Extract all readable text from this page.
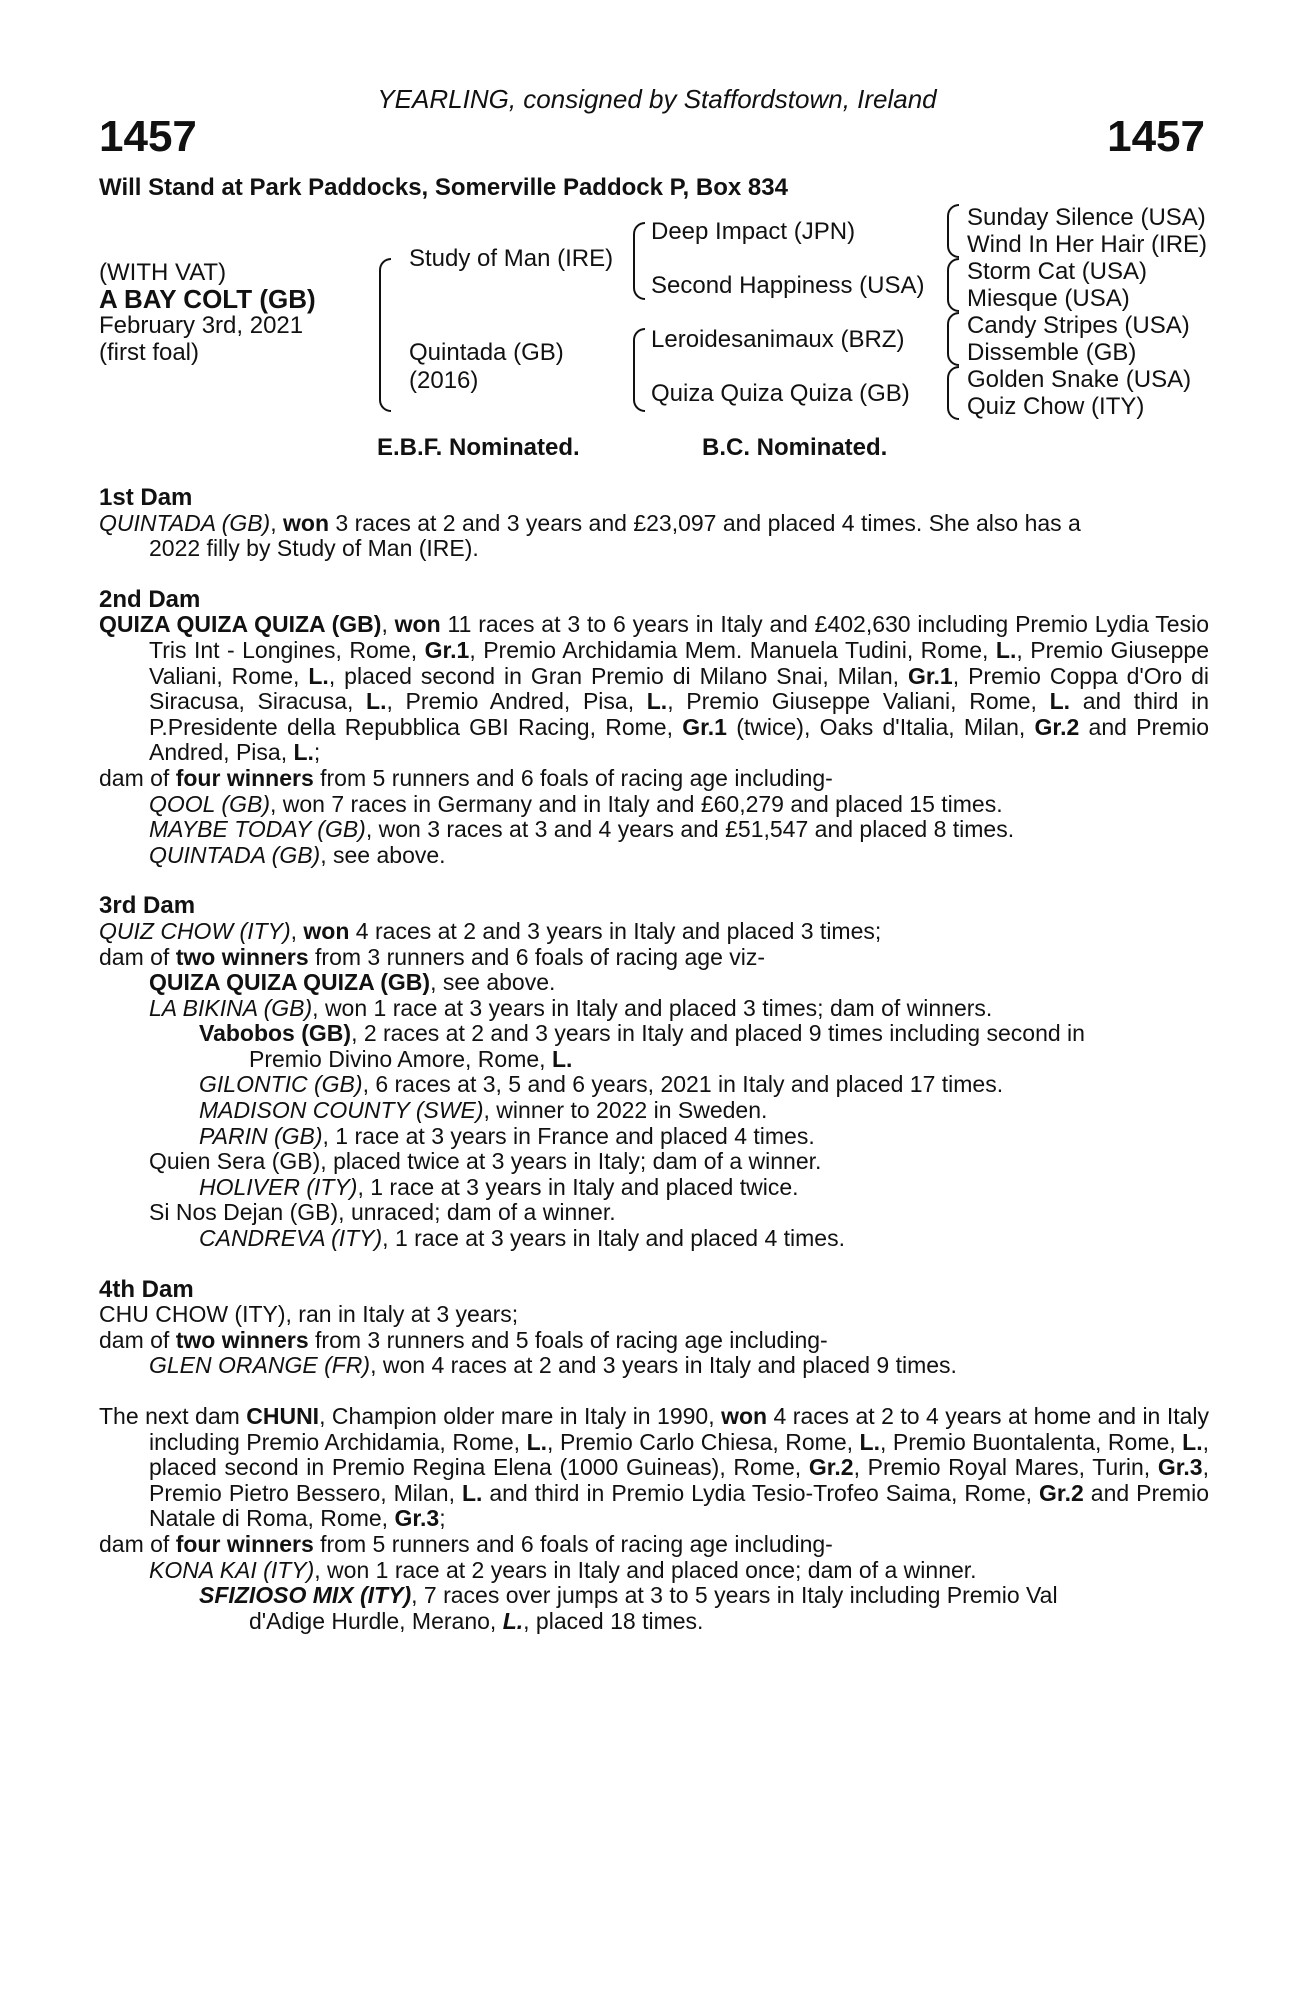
YEARLING, consigned by Staffordstown, Ireland
1457	1457
Will Stand at Park Paddocks, Somerville Paddock P, Box 834
(WITH VAT)
A BAY COLT (GB)
February 3rd, 2021
(first foal)
Study of Man (IRE)
Quintada (GB)
(2016)
Deep Impact (JPN)
Second Happiness (USA)
Leroidesanimaux (BRZ)
Quiza Quiza Quiza (GB)
Sunday Silence (USA)
Wind In Her Hair (IRE)
Storm Cat (USA)
Miesque (USA)
Candy Stripes (USA)
Dissemble (GB)
Golden Snake (USA)
Quiz Chow (ITY)
E.B.F. Nominated.	B.C. Nominated.

1st Dam

QUINTADA (GB), won 3 races at 2 and 3 years and £23,097 and placed 4 times. She also has a

2022 filly by Study of Man (IRE).

2nd Dam

QUIZA QUIZA QUIZA (GB), won 11 races at 3 to 6 years in Italy and £402,630 including Premio Lydia Tesio Tris Int - Longines, Rome, Gr.1, Premio Archidamia Mem. Manuela Tudini, Rome, L., Premio Giuseppe Valiani, Rome, L., placed second in Gran Premio di Milano Snai, Milan, Gr.1, Premio Coppa d'Oro di Siracusa, Siracusa, L., Premio Andred, Pisa, L., Premio Giuseppe Valiani, Rome, L. and third in P.Presidente della Repubblica GBI Racing, Rome, Gr.1 (twice), Oaks d'Italia, Milan, Gr.2 and Premio Andred, Pisa, L.;

dam of four winners from 5 runners and 6 foals of racing age including-

QOOL (GB), won 7 races in Germany and in Italy and £60,279 and placed 15 times.

MAYBE TODAY (GB), won 3 races at 3 and 4 years and £51,547 and placed 8 times.

QUINTADA (GB), see above.

3rd Dam

QUIZ CHOW (ITY), won 4 races at 2 and 3 years in Italy and placed 3 times;

dam of two winners from 3 runners and 6 foals of racing age viz-

QUIZA QUIZA QUIZA (GB), see above.

LA BIKINA (GB), won 1 race at 3 years in Italy and placed 3 times; dam of winners.

Vabobos (GB), 2 races at 2 and 3 years in Italy and placed 9 times including second in

Premio Divino Amore, Rome, L.

GILONTIC (GB), 6 races at 3, 5 and 6 years, 2021 in Italy and placed 17 times.

MADISON COUNTY (SWE), winner to 2022 in Sweden.

PARIN (GB), 1 race at 3 years in France and placed 4 times.

Quien Sera (GB), placed twice at 3 years in Italy; dam of a winner.

HOLIVER (ITY), 1 race at 3 years in Italy and placed twice.

Si Nos Dejan (GB), unraced; dam of a winner.

CANDREVA (ITY), 1 race at 3 years in Italy and placed 4 times.

4th Dam

CHU CHOW (ITY), ran in Italy at 3 years;

dam of two winners from 3 runners and 5 foals of racing age including-

GLEN ORANGE (FR), won 4 races at 2 and 3 years in Italy and placed 9 times.

The next dam CHUNI, Champion older mare in Italy in 1990, won 4 races at 2 to 4 years at home and in Italy including Premio Archidamia, Rome, L., Premio Carlo Chiesa, Rome, L., Premio Buontalenta, Rome, L., placed second in Premio Regina Elena (1000 Guineas), Rome, Gr.2, Premio Royal Mares, Turin, Gr.3, Premio Pietro Bessero, Milan, L. and third in Premio Lydia Tesio-Trofeo Saima, Rome, Gr.2 and Premio Natale di Roma, Rome, Gr.3;

dam of four winners from 5 runners and 6 foals of racing age including-

KONA KAI (ITY), won 1 race at 2 years in Italy and placed once; dam of a winner.

SFIZIOSO MIX (ITY), 7 races over jumps at 3 to 5 years in Italy including Premio Val

d'Adige Hurdle, Merano, L., placed 18 times.
